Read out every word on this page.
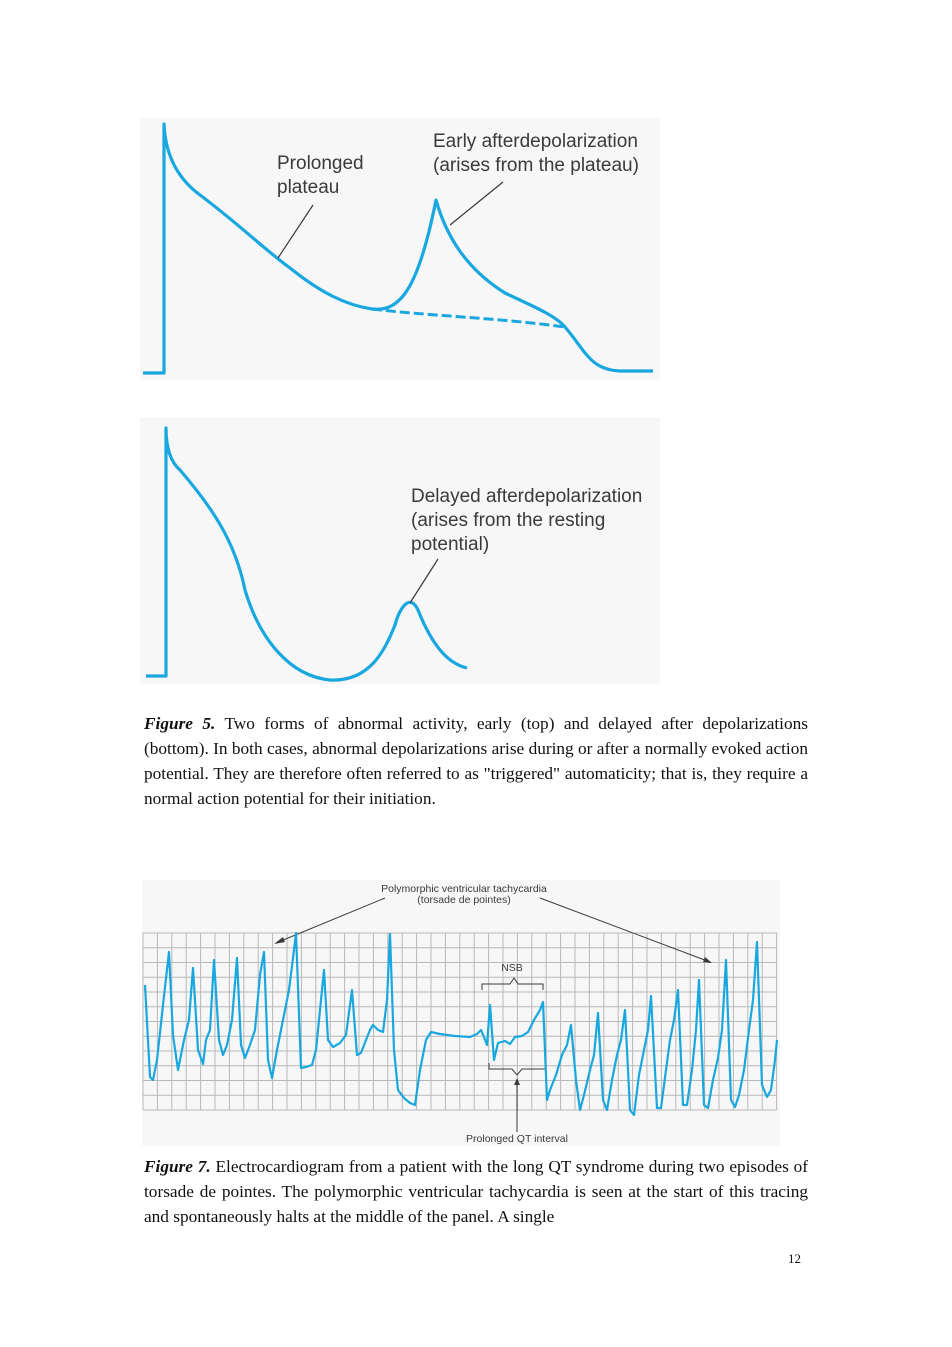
Prolonged
plateau
Early afterdepolarization
(arises from the plateau)
Delayed afterdepolarization
(arises from the resting
potential)
Figure 5. Two forms of abnormal activity, early (top) and delayed after depolarizations (bottom). In both cases, abnormal depolarizations arise during or after a normally evoked action potential. They are therefore often referred to as "triggered" automaticity; that is, they require a normal action potential for their initiation.
Polymorphic ventricular tachycardia
(torsade de pointes)
NSB
Prolonged QT interval
Figure 7. Electrocardiogram from a patient with the long QT syndrome during two episodes of torsade de pointes. The polymorphic ventricular tachycardia is seen at the start of this tracing and spontaneously halts at the middle of the panel. A single
12
